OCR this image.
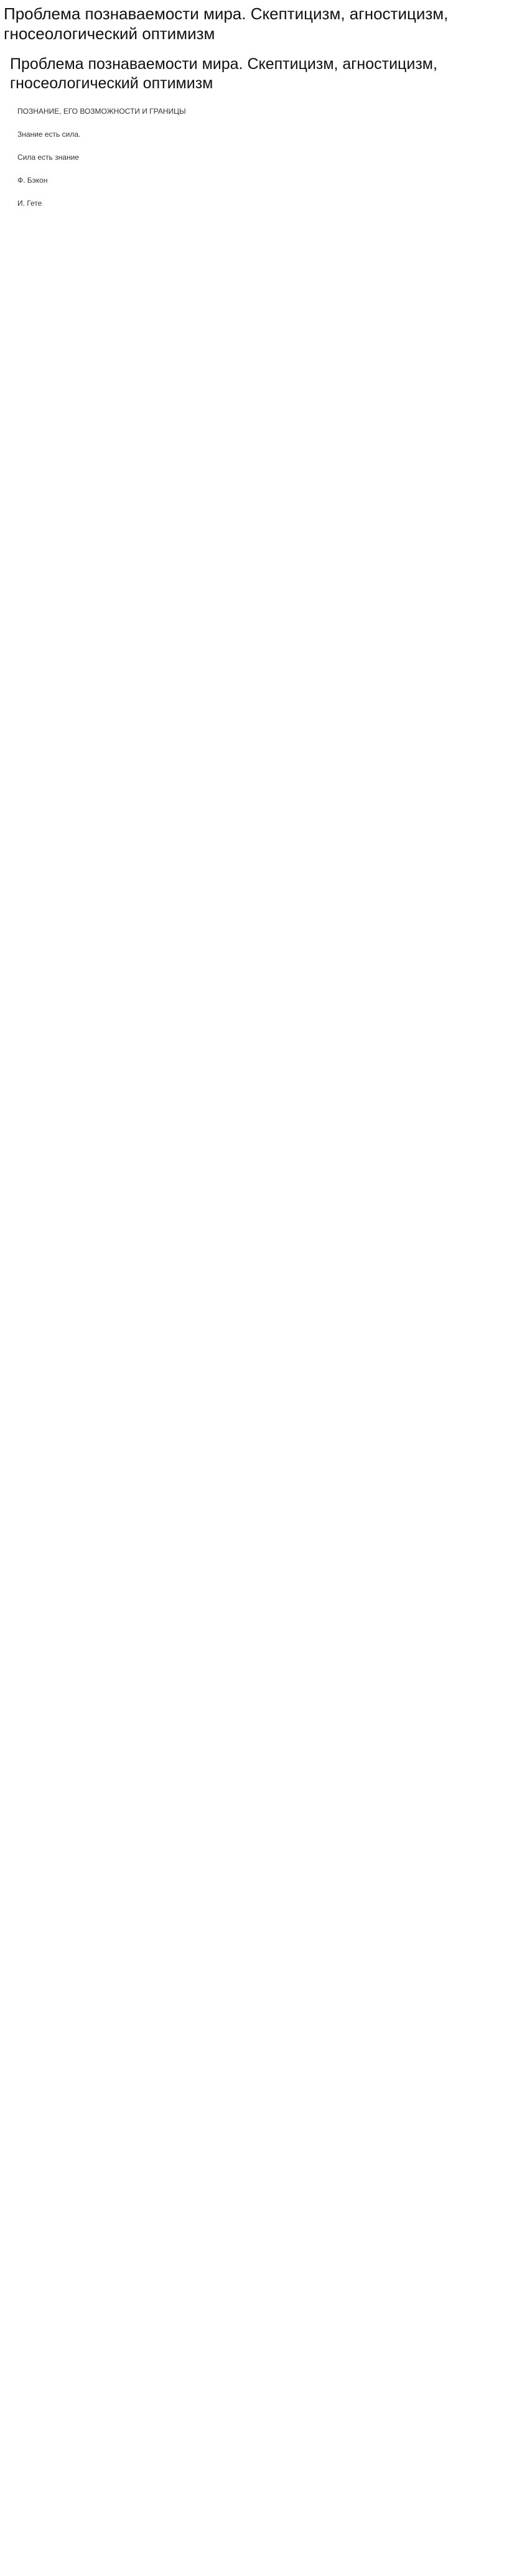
Проблема познаваемости мира. Скептицизм, агностицизм, гносеологический оптимизм
Проблема познаваемости мира. Скептицизм, агностицизм, гносеологический оптимизм

ПОЗНАНИЕ, ЕГО ВОЗМОЖНОСТИ И ГРАНИЦЫ

Знание есть сила.

Сила есть знание

Ф. Бэкон

И. Гете
